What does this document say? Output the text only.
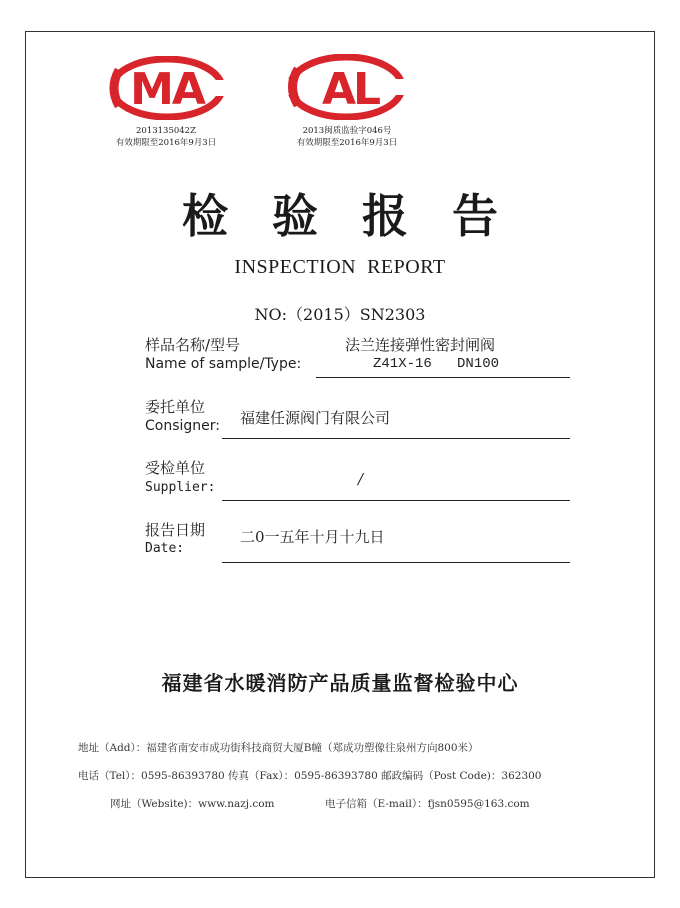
MA
2013135042Z
有效期限至2016年9月3日
AL
2013闽质监验字046号
有效期限至2016年9月3日
检验报告
INSPECTION  REPORT
NO:（2015）SN2303
样品名称/型号
Name of sample/Type:
法兰连接弹性密封闸阀
Z41X-16   DN100
委托单位
Consigner: 福建任源阀门有限公司
受检单位
Supplier:	/
报告日期
Date:
二0一五年十月十九日
福建省水暖消防产品质量监督检验中心
地址（Add）：福建省南安市成功街科技商贸大厦B幢（郑成功塑像往泉州方向800米）
电话（Tel）：0595-86393780 传真（Fax）：0595-86393780 邮政编码（Post Code)：362300
网址（Website)：www.nazj.com	电子信箱（E-mail）：fjsn0595@163.com
